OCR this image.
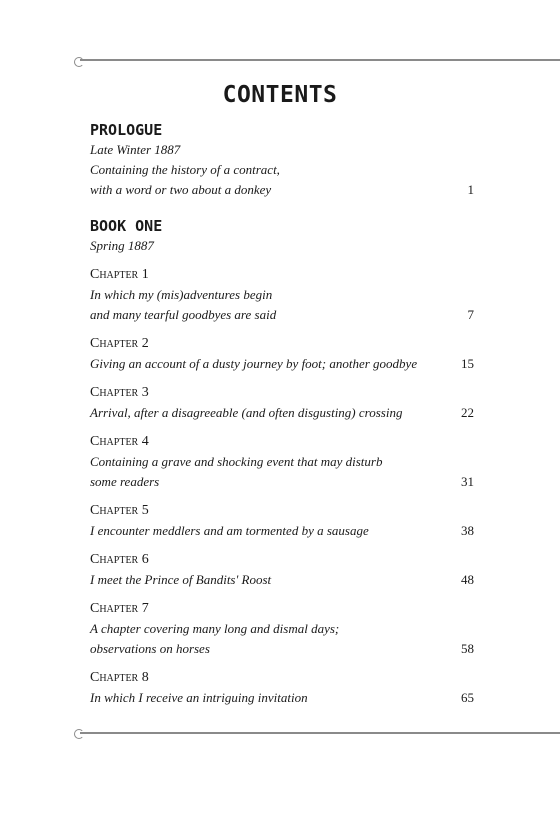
CONTENTS
PROLOGUE
Late Winter 1887
Containing the history of a contract,
with a word or two about a donkey	1
BOOK ONE
Spring 1887
Chapter 1
In which my (mis)adventures begin
and many tearful goodbyes are said	7
Chapter 2
Giving an account of a dusty journey by foot; another goodbye	15
Chapter 3
Arrival, after a disagreeable (and often disgusting) crossing	22
Chapter 4
Containing a grave and shocking event that may disturb
some readers	31
Chapter 5
I encounter meddlers and am tormented by a sausage	38
Chapter 6
I meet the Prince of Bandits' Roost	48
Chapter 7
A chapter covering many long and dismal days;
observations on horses	58
Chapter 8
In which I receive an intriguing invitation	65
